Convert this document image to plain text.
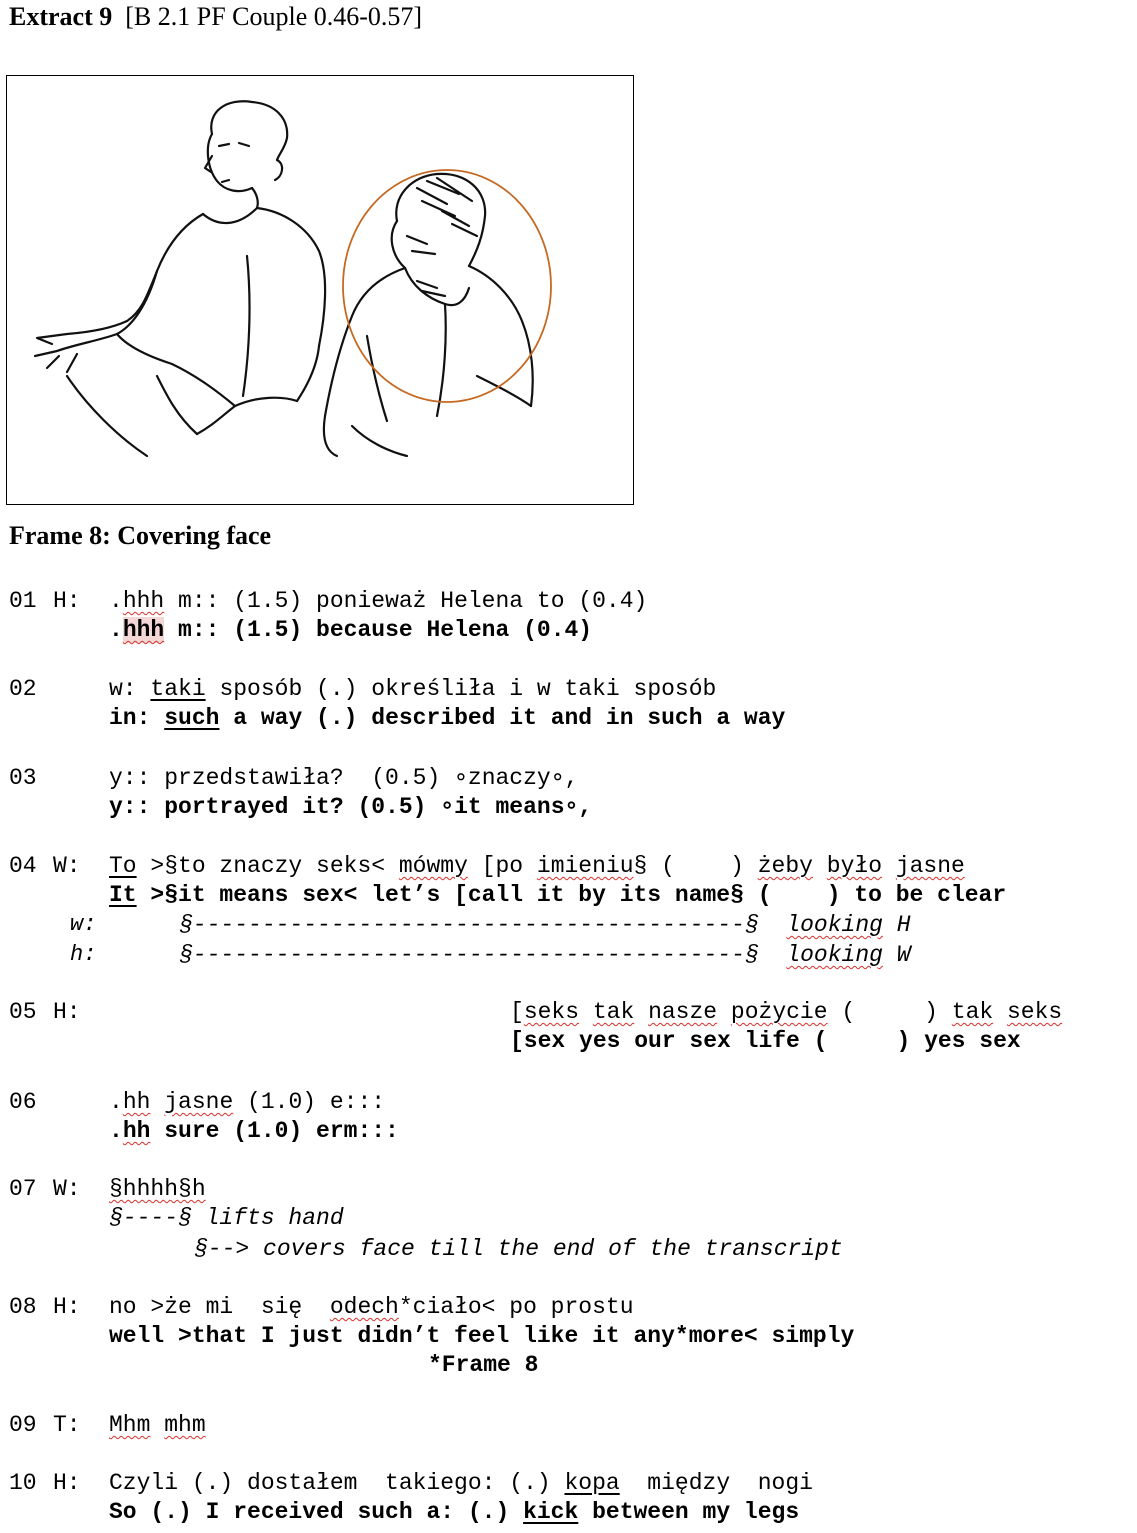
Extract 9 [B 2.1 PF Couple 0.46-0.57]
Frame 8: Covering face
01 H: .hhh m:: (1.5) ponieważ Helena to (0.4)
.hhh m:: (1.5) because Helena (0.4)
02	w: taki sposób (.) określiła i w taki sposób
in: such a way (.) described it and in such a way
03	y:: przedstawiła?  (0.5) ∘znaczy∘,
y:: portrayed it? (0.5) ∘it means∘,
04 W: To >§to znaczy seks< mówmy [po imieniu§ (    ) żeby było jasne
It >§it means sex< let’s [call it by its name§ (    ) to be clear
w:	§----------------------------------------§ looking H
h:	§----------------------------------------§ looking W
05 H:	[seks tak nasze pożycie (     ) tak seks
[sex yes our sex life (     ) yes sex
06	.hh jasne (1.0) e:::
.hh sure (1.0) erm:::
07 W: §hhhh§h
§----§ lifts hand
§--> covers face till the end of the transcript
08 H: no >że mi  się  odech*ciało< po prostu
well >that I just didn’t feel like it any*more< simply
*Frame 8
09 T: Mhm mhm
10 H: Czyli (.) dostałem  takiego: (.) kopa  między  nogi
So (.) I received such a: (.) kick between my legs
